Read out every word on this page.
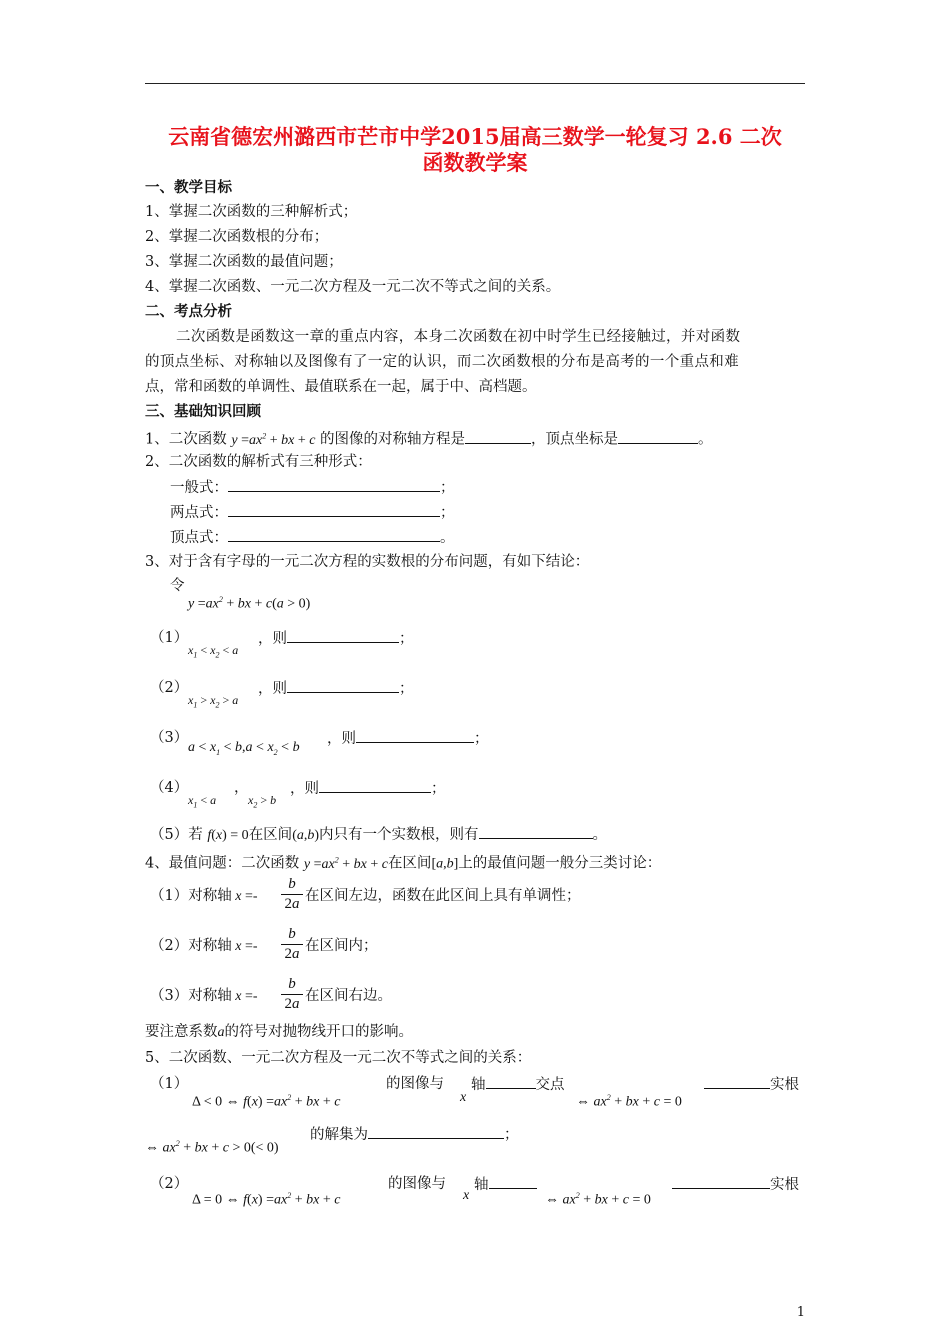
云南省德宏州潞西市芒市中学2015届高三数学一轮复习 2.6 二次
函数教学案
一、教学目标
1、掌握二次函数的三种解析式；
2、掌握二次函数根的分布；
3、掌握二次函数的最值问题；
4、掌握二次函数、一元二次方程及一元二次不等式之间的关系。
二、考点分析
二次函数是函数这一章的重点内容，本身二次函数在初中时学生已经接触过，并对函数
的顶点坐标、对称轴以及图像有了一定的认识，而二次函数根的分布是高考的一个重点和难
点，常和函数的单调性、最值联系在一起，属于中、高档题。
三、基础知识回顾
1、二次函数 $y =ax^2$ + bx + c 的图像的对称轴方程是	，顶点坐标是	。
2、二次函数的解析式有三种形式：
一般式：	；
两点式：	；
顶点式：	。
3、对于含有字母的一元二次方程的实数根的分布问题，有如下结论：
令
$y =ax^2$ + bx + c(a > 0)
（1）
$x_1 < x_2 < a$
，则	；
（2）
$x_1 > x_2 > a$
，则	；
（3）
$a < x_1 < b,a < x_2 < b$
，则	；
（4）
$x_1 < a$
，
$x_2 > b$
，则	；
（5）若 f(x) = 0在区间(a,b)内只有一个实数根，则有	。
4、最值问题：二次函数 $y =ax^2$ + bx + c在区间[a,b]上的最值问题一般分三类讨论：
（1）对称轴 x =-
b
2a 在区间左边，函数在此区间上具有单调性；
（2）对称轴 x =-
b
2a 在区间内；
（3）对称轴 x =-
b
2a 在区间右边。
要注意系数a的符号对抛物线开口的影响。
5、二次函数、一元二次方程及一元二次不等式之间的关系：
（1）
Δ < 0 ⇔ $f(x) =ax^2$ + bx + c
的图像与
x
轴	交点
⇔ $ax^2$ + bx + c = 0
实根
⇔ $ax^2$ + bx + c > 0(< 0)
的解集为	；
（2）
Δ = 0 ⇔ $f(x) =ax^2$ + bx + c
的图像与
x
轴
⇔ $ax^2$ + bx + c = 0
实根
1
